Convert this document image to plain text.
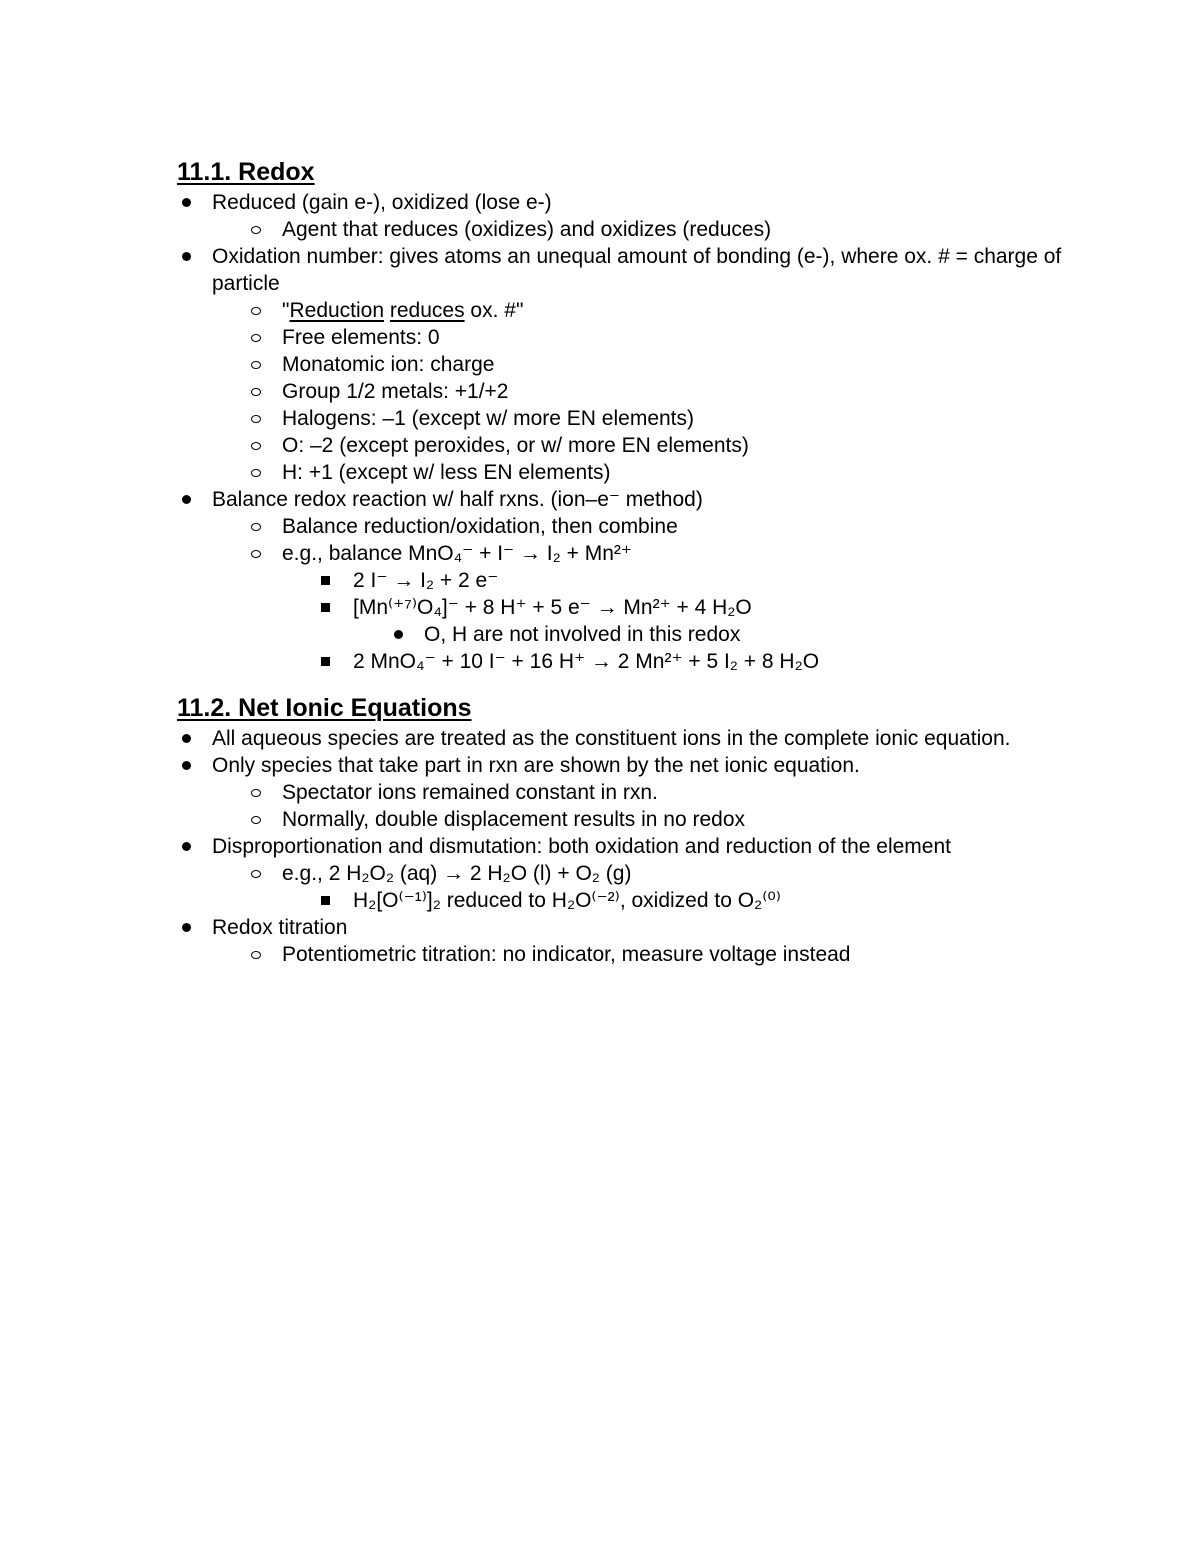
11.1. Redox
Reduced (gain e-), oxidized (lose e-)
Agent that reduces (oxidizes) and oxidizes (reduces)
Oxidation number: gives atoms an unequal amount of bonding (e-), where ox. # = charge of particle
"Reduction reduces ox. #"
Free elements: 0
Monatomic ion: charge
Group 1/2 metals: +1/+2
Halogens: –1 (except w/ more EN elements)
O: –2 (except peroxides, or w/ more EN elements)
H: +1 (except w/ less EN elements)
Balance redox reaction w/ half rxns. (ion–e⁻ method)
Balance reduction/oxidation, then combine
e.g., balance MnO₄⁻ + I⁻ → I₂ + Mn²⁺
2 I⁻ → I₂ + 2 e⁻
[Mn⁽⁺⁷⁾O₄]⁻ + 8 H⁺ + 5 e⁻ → Mn²⁺ + 4 H₂O
O, H are not involved in this redox
2 MnO₄⁻ + 10 I⁻ + 16 H⁺ → 2 Mn²⁺ + 5 I₂ + 8 H₂O
11.2. Net Ionic Equations
All aqueous species are treated as the constituent ions in the complete ionic equation.
Only species that take part in rxn are shown by the net ionic equation.
Spectator ions remained constant in rxn.
Normally, double displacement results in no redox
Disproportionation and dismutation: both oxidation and reduction of the element
e.g., 2 H₂O₂ (aq) → 2 H₂O (l) + O₂ (g)
H₂[O⁽⁻¹⁾]₂ reduced to H₂O⁽⁻²⁾, oxidized to O₂⁽⁰⁾
Redox titration
Potentiometric titration: no indicator, measure voltage instead
